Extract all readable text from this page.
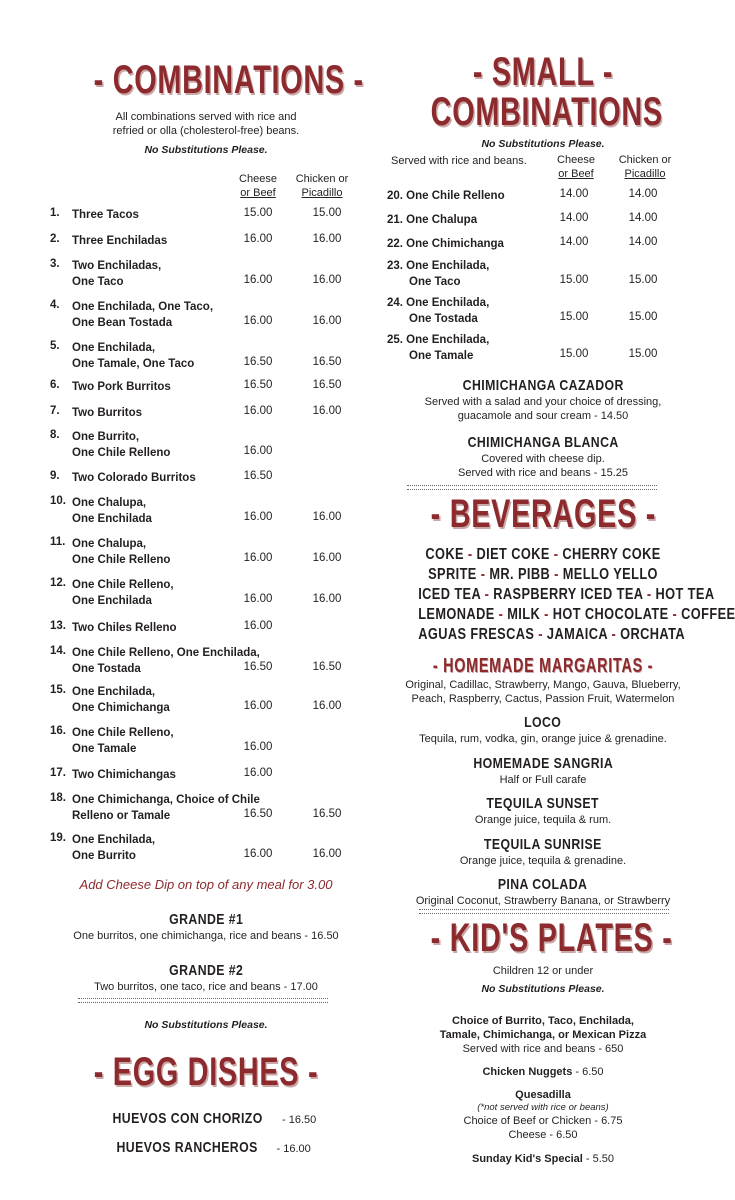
- COMBINATIONS -
All combinations served with rice and
refried or olla (cholesterol-free) beans.
No Substitutions Please.
Cheese
or Beef
Chicken or
Picadillo
1. Three Tacos	15.00	15.00
2. Three Enchiladas	16.00	16.00
3. Two Enchiladas,
One Taco	16.00	16.00
4. One Enchilada, One Taco,
One Bean Tostada	16.00	16.00
5. One Enchilada,
One Tamale, One Taco	16.50	16.50
6. Two Pork Burritos	16.50	16.50
7. Two Burritos	16.00	16.00
8. One Burrito,
One Chile Relleno	16.00
9. Two Colorado Burritos	16.50
10. One Chalupa,
One Enchilada	16.00	16.00
11. One Chalupa,
One Chile Relleno	16.00	16.00
12. One Chile Relleno,
One Enchilada	16.00	16.00
13. Two Chiles Relleno	16.00
14. One Chile Relleno, One Enchilada,
One Tostada	16.50	16.50
15. One Enchilada,
One Chimichanga	16.00	16.00
16. One Chile Relleno,
One Tamale	16.00
17. Two Chimichangas	16.00
18. One Chimichanga, Choice of Chile
Relleno or Tamale	16.50	16.50
19. One Enchilada,
One Burrito	16.00	16.00
Add Cheese Dip on top of any meal for 3.00
GRANDE #1
One burritos, one chimichanga, rice and beans - 16.50
GRANDE #2
Two burritos, one taco, rice and beans - 17.00
No Substitutions Please.
- EGG DISHES -
HUEVOS CON CHORIZO - 16.50
HUEVOS RANCHEROS - 16.00
- SMALL -
COMBINATIONS
No Substitutions Please.
Served with rice and beans.	Cheese
or Beef
Chicken or
Picadillo
20. One Chile Relleno	14.00	14.00
21. One Chalupa	14.00	14.00
22. One Chimichanga	14.00	14.00
23. One Enchilada,
One Taco	15.00	15.00
24. One Enchilada,
One Tostada	15.00	15.00
25. One Enchilada,
One Tamale	15.00	15.00
CHIMICHANGA CAZADOR
Served with a salad and your choice of dressing,
guacamole and sour cream - 14.50
CHIMICHANGA BLANCA
Covered with cheese dip.
Served with rice and beans - 15.25
- BEVERAGES -
COKE - DIET COKE - CHERRY COKE
SPRITE - MR. PIBB - MELLO YELLO
ICED TEA - RASPBERRY ICED TEA - HOT TEA
LEMONADE - MILK - HOT CHOCOLATE - COFFEE
AGUAS FRESCAS - JAMAICA - ORCHATA
- HOMEMADE MARGARITAS -
Original, Cadillac, Strawberry, Mango, Gauva, Blueberry,
Peach, Raspberry, Cactus, Passion Fruit, Watermelon
LOCO
Tequila, rum, vodka, gin, orange juice & grenadine.
HOMEMADE SANGRIA
Half or Full carafe
TEQUILA SUNSET
Orange juice, tequila & rum.
TEQUILA SUNRISE
Orange juice, tequila & grenadine.
PINA COLADA
Original Coconut, Strawberry Banana, or Strawberry
- KID'S PLATES -
Children 12 or under
No Substitutions Please.
Choice of Burrito, Taco, Enchilada,
Tamale, Chimichanga, or Mexican Pizza
Served with rice and beans - 650
Chicken Nuggets - 6.50
Quesadilla
(*not served with rice or beans)
Choice of Beef or Chicken - 6.75
Cheese - 6.50
Sunday Kid's Special - 5.50
